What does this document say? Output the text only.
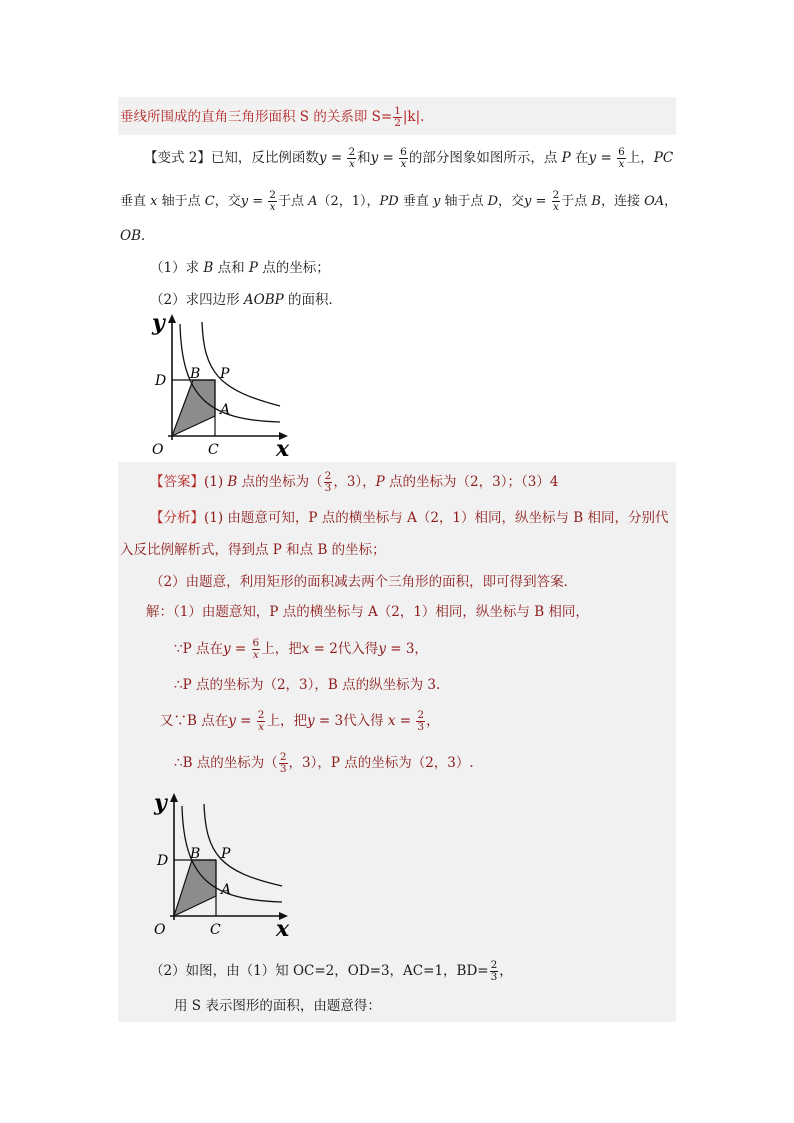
垂线所围成的直角三角形面积 S 的关系即 $S= \frac{1}{2} |k|$.
【变式 2】已知，反比例函数$y = \frac{2}{x}$ 和$y = \frac{6}{x}$ 的部分图象如图所示，点 P 在$y = \frac{6}{x}$ 上，PC
垂直 x 轴于点 C，交$y = \frac{2}{x}$ 于点 A（2，1），PD 垂直 y 轴于点 D，交$y = \frac{2}{x}$ 于点 B，连接 OA，
OB．
（1）求 B 点和 P 点的坐标；
（2）求四边形 AOBP 的面积．
y
x
O
D B P
A
C
【答案】(1) B 点的坐标为（ $\frac{2}{3}$ ，3），P 点的坐标为（2，3）；（3）4
【分析】(1) 由题意可知，P 点的横坐标与 A（2，1）相同，纵坐标与 B 相同，分别代
入反比例解析式，得到点 P 和点 B 的坐标；
（2）由题意，利用矩形的面积减去两个三角形的面积，即可得到答案．
解：（1）由题意知，P 点的横坐标与 A（2，1）相同，纵坐标与 B 相同，
∵P 点在$y = \frac{6}{x}$ 上，把x = 2代入得y = 3，
∴P 点的坐标为（2，3），B 点的纵坐标为 3.
又∵B 点在$y = \frac{2}{x}$ 上，把y = 3代入得 $x = \frac{2}{3}$ ，
∴B 点的坐标为（ $\frac{2}{3}$ ，3），P 点的坐标为（2，3）.
y
x
O
D B P
A
C
（2）如图，由（1）知 OC=2，OD=3，AC=1，$BD= \frac{2}{3}$ ，
用 S 表示图形的面积，由题意得：
